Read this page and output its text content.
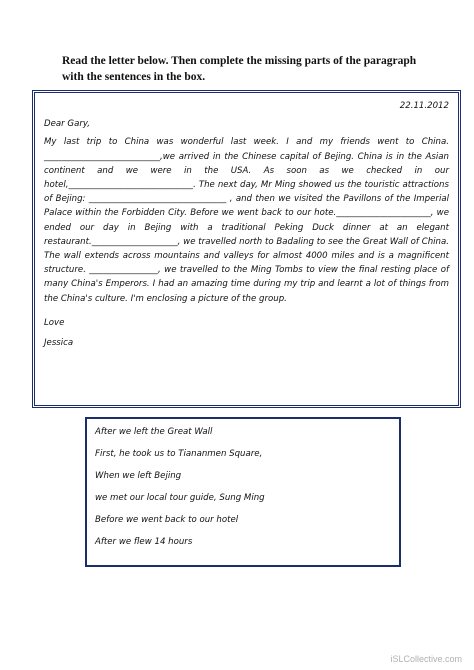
Read the letter below. Then complete the missing parts of the paragraph with the sentences in the box.

22.11.2012

Dear Gary,

My last trip to China was wonderful last week. I and my friends went to China. ___________________________,we arrived in the Chinese capital of Bejing. China is in the Asian continent and we were in the USA. As soon as we checked in our hotel,_____________________________. The next day, Mr Ming showed us the touristic attractions of Bejing: ________________________________ , and then we visited the Pavillons of the Imperial Palace within the Forbidden City. Before we went back to our hote.______________________, we ended our day in Bejing with a traditional Peking Duck dinner at an elegant restaurant.____________________, we travelled north to Badaling to see the Great Wall of China. The wall extends across mountains and valleys for almost 4000 miles and is a magnificent structure. ________________, we travelled to the Ming Tombs to view the final resting place of many China's Emperors. I had an amazing time during my trip and learnt a lot of things from the China's culture. I'm enclosing a picture of the group.

Love

Jessica

After we left the Great Wall
First, he took us to Tiananmen Square,
When we left Bejing
we met our local tour guide, Sung Ming
Before we went back to our hotel
After we flew 14 hours
iSLCollective.com
